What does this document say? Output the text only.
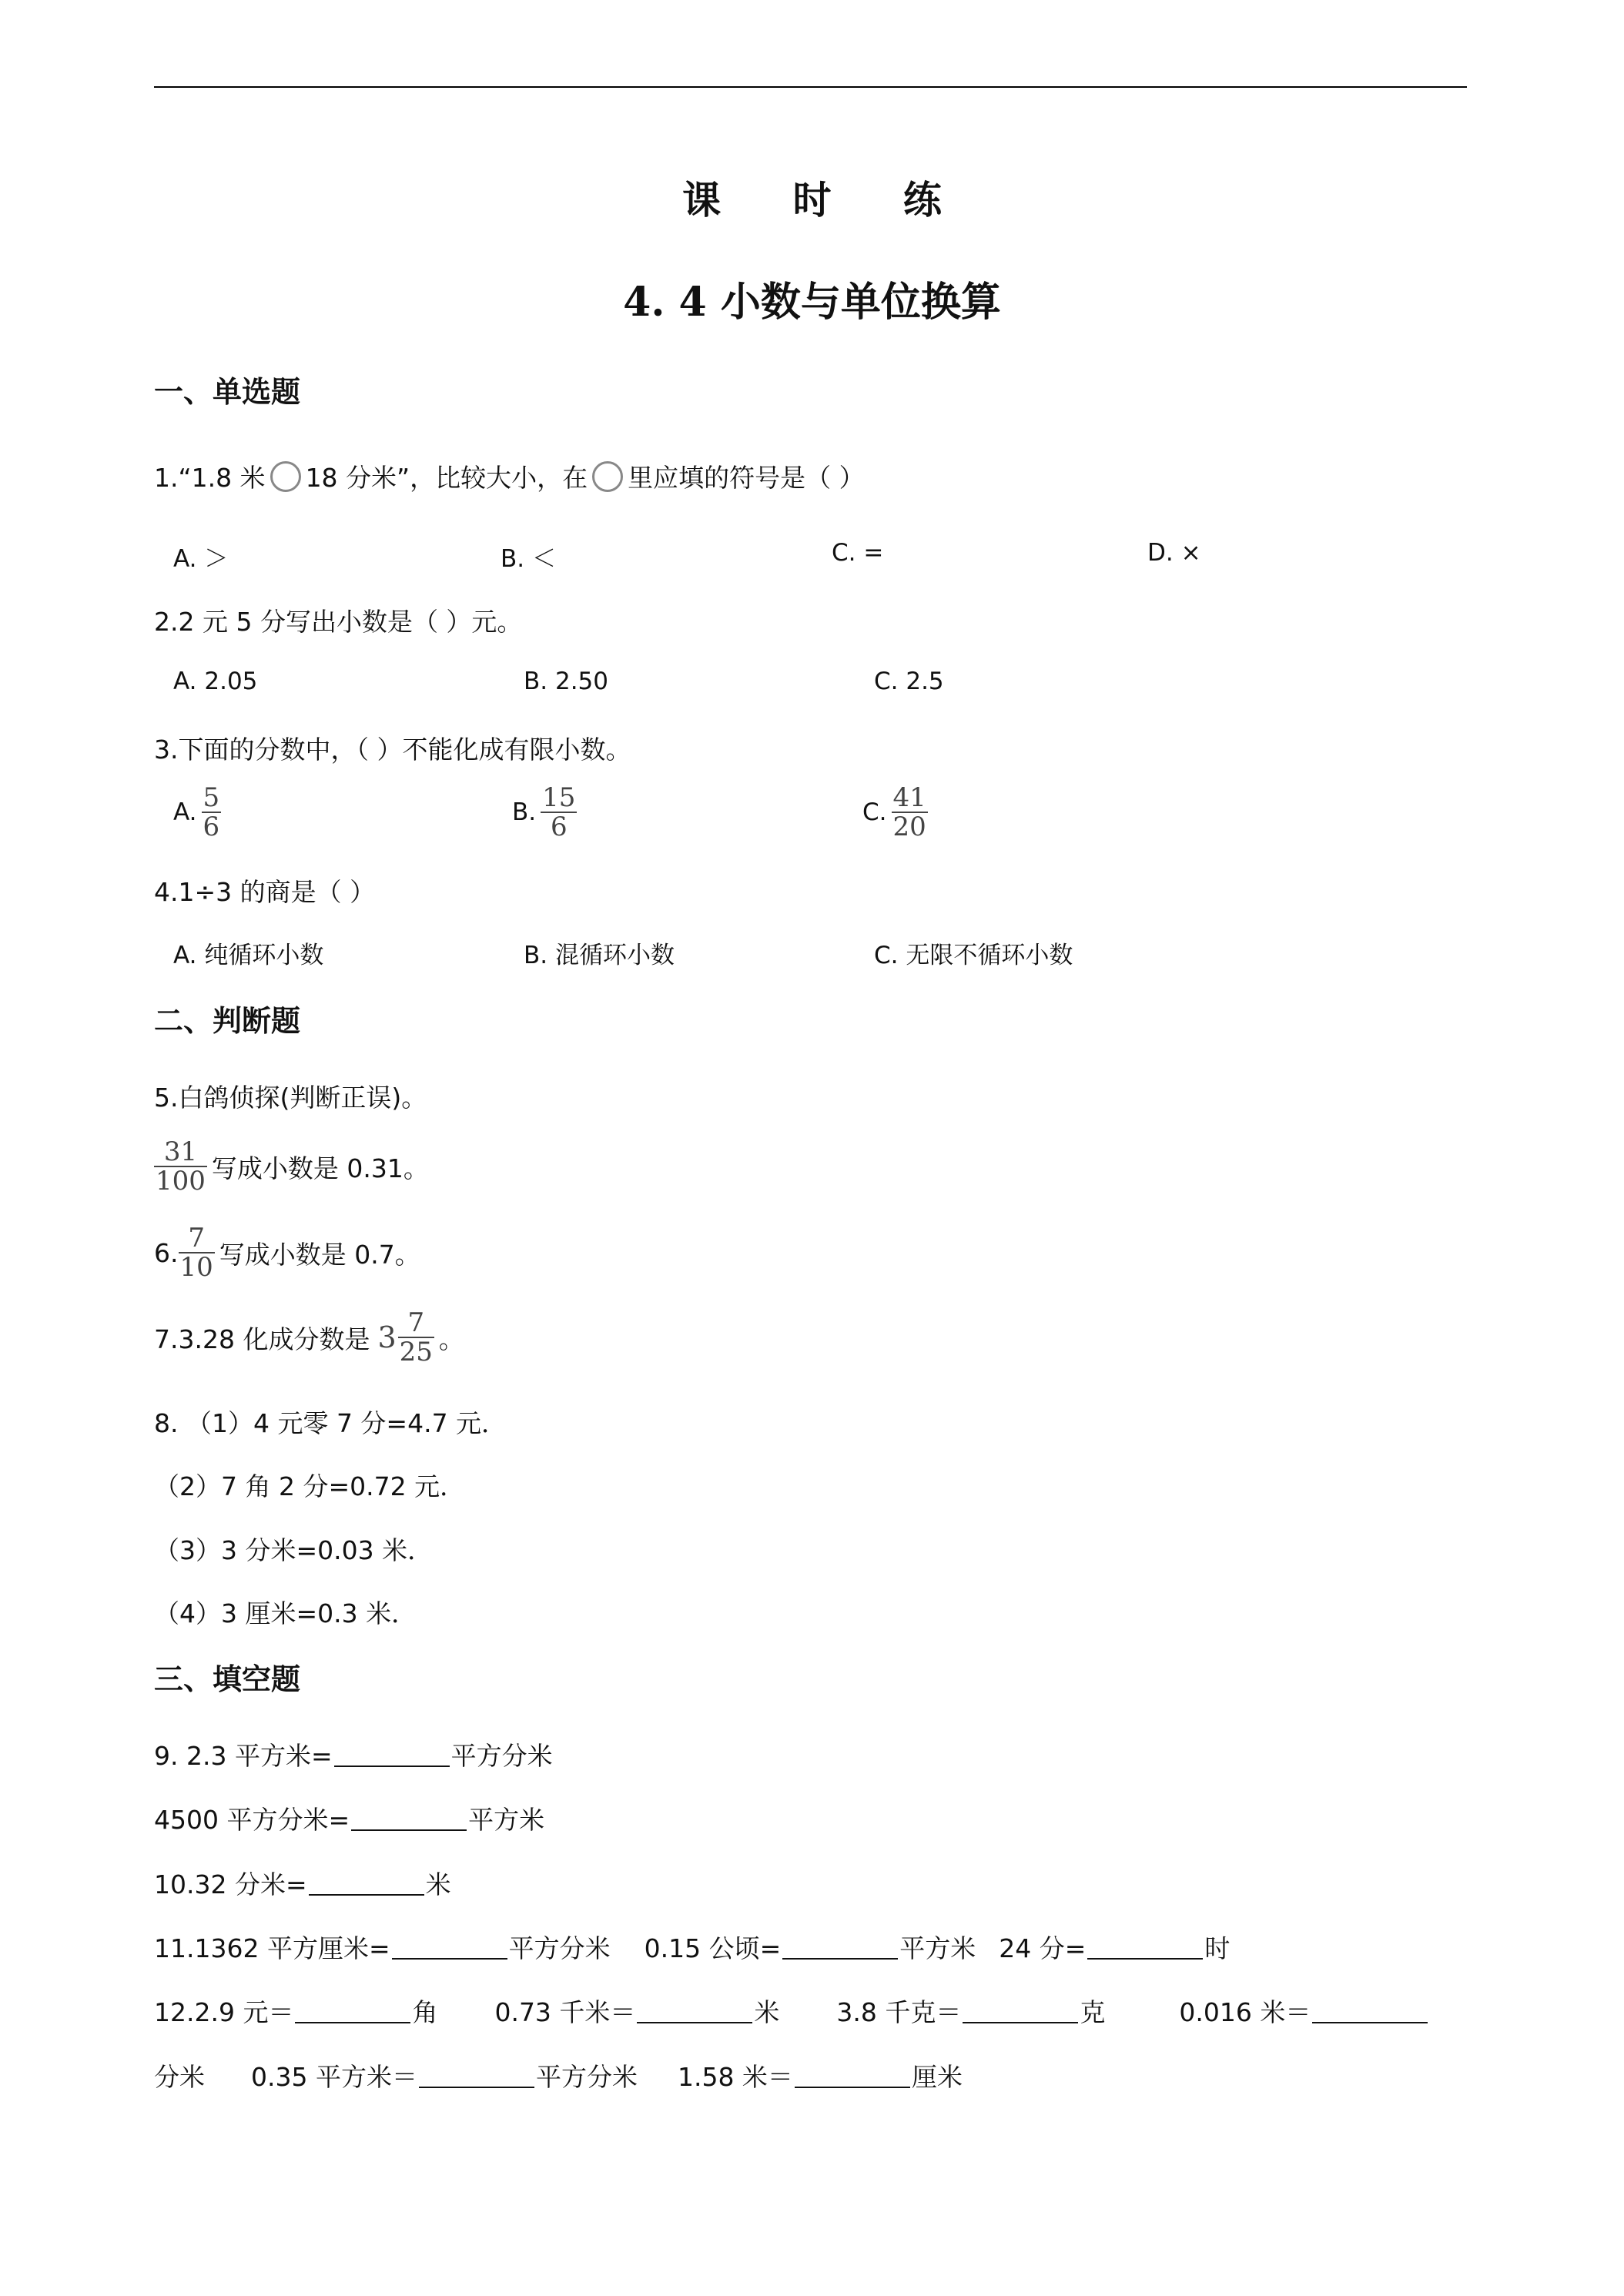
课 时 练
4. 4 小数与单位换算
一、单选题
1.“1.8 米 18 分米”，比较大小，在 里应填的符号是（ ）
A. ＞	B. ＜	C. =	D. ×
2.2 元 5 分写出小数是（ ）元。
A. 2.05	B. 2.50	C. 2.5
3.下面的分数中，（ ）不能化成有限小数。
A. $\frac{5}{6}$	B. $\frac{15}{6}$	C. $\frac{41}{20}$
4.1÷3 的商是（ ）
A. 纯循环小数	B. 混循环小数	C. 无限不循环小数
二、判断题
5.白鸽侦探(判断正误)。
$\frac{31}{100}$ 写成小数是 0.31。
6. $\frac{7}{10}$ 写成小数是 0.7。
7.3.28 化成分数是 $3 \frac{7}{25}$ 。
8. （1）4 元零 7 分=4.7 元．
（2）7 角 2 分=0.72 元．
（3）3 分米=0.03 米．
（4）3 厘米=0.3 米．
三、填空题
9. 2.3 平方米=	平方分米
4500 平方分米=	平方米
10.32 分米=	米
11.1362 平方厘米=	平方分米 0.15 公顷=	平方米 24 分=	时
12.2.9 元＝	角 0.73 千米＝	米 3.8 千克＝	克	0.016 米＝
分米 0.35 平方米＝	平方分米 1.58 米＝	厘米
